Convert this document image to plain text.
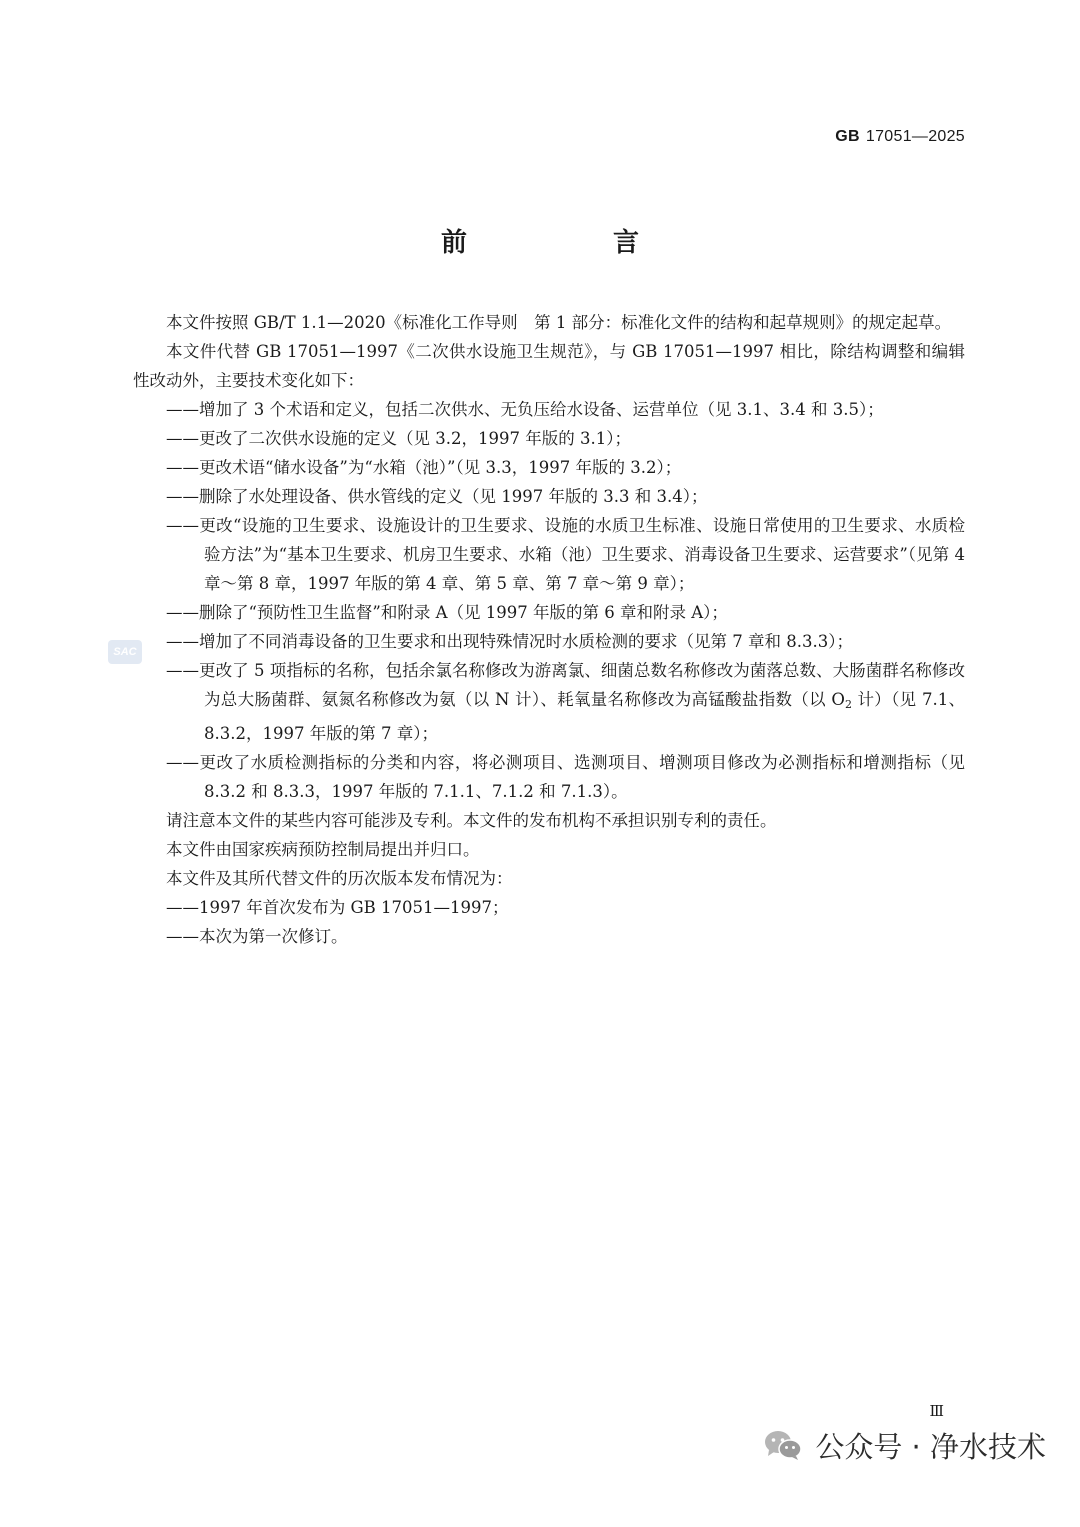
GB 17051—2025
前　言

本文件按照 GB/T 1.1—2020《标准化工作导则　第 1 部分：标准化文件的结构和起草规则》的规定起草。

本文件代替 GB 17051—1997《二次供水设施卫生规范》，与 GB 17051—1997 相比，除结构调整和编辑性改动外，主要技术变化如下：

——增加了 3 个术语和定义，包括二次供水、无负压给水设备、运营单位（见 3.1、3.4 和 3.5）；

——更改了二次供水设施的定义（见 3.2，1997 年版的 3.1）；

——更改术语“储水设备”为“水箱（池）”（见 3.3，1997 年版的 3.2）；

——删除了水处理设备、供水管线的定义（见 1997 年版的 3.3 和 3.4）；

——更改“设施的卫生要求、设施设计的卫生要求、设施的水质卫生标准、设施日常使用的卫生要求、水质检验方法”为“基本卫生要求、机房卫生要求、水箱（池）卫生要求、消毒设备卫生要求、运营要求”（见第 4 章～第 8 章，1997 年版的第 4 章、第 5 章、第 7 章～第 9 章）；

——删除了“预防性卫生监督”和附录 A（见 1997 年版的第 6 章和附录 A）；

——增加了不同消毒设备的卫生要求和出现特殊情况时水质检测的要求（见第 7 章和 8.3.3）；

——更改了 5 项指标的名称，包括余氯名称修改为游离氯、细菌总数名称修改为菌落总数、大肠菌群名称修改为总大肠菌群、氨氮名称修改为氨（以 N 计）、耗氧量名称修改为高锰酸盐指数（以 $O_2$ 计）（见 7.1、8.3.2，1997 年版的第 7 章）；

——更改了水质检测指标的分类和内容，将必测项目、选测项目、增测项目修改为必测指标和增测指标（见 8.3.2 和 8.3.3，1997 年版的 7.1.1、7.1.2 和 7.1.3）。

请注意本文件的某些内容可能涉及专利。本文件的发布机构不承担识别专利的责任。

本文件由国家疾病预防控制局提出并归口。

本文件及其所代替文件的历次版本发布情况为：

——1997 年首次发布为 GB 17051—1997；

——本次为第一次修订。

SAC
Ⅲ
公众号 · 净水技术
